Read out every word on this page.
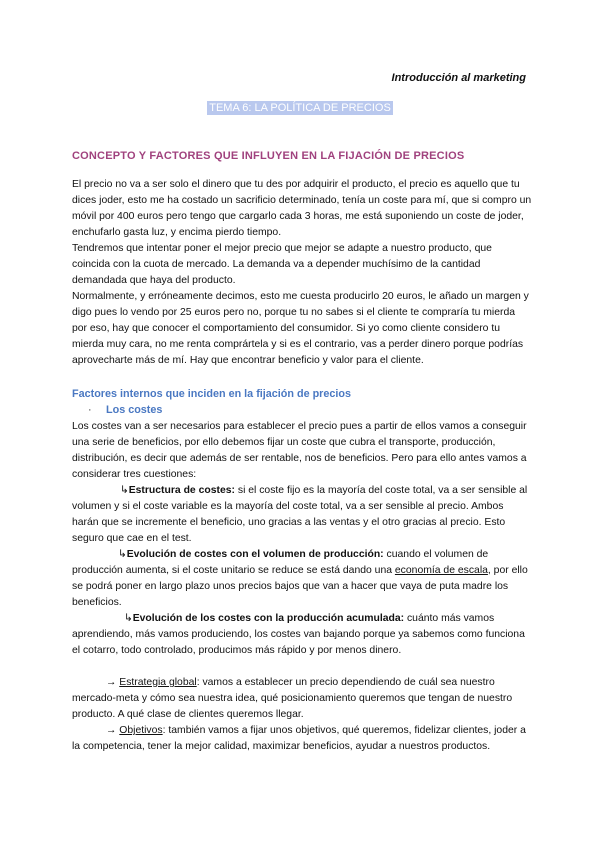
Introducción al marketing
TEMA 6: LA POLÍTICA DE PRECIOS
CONCEPTO Y FACTORES QUE INFLUYEN EN LA FIJACIÓN DE PRECIOS

El precio no va a ser solo el dinero que tu des por adquirir el producto, el precio es aquello que tu dices joder, esto me ha costado un sacrificio determinado, tenía un coste para mí, que si compro un móvil por 400 euros pero tengo que cargarlo cada 3 horas, me está suponiendo un coste de joder, enchufarlo gasta luz, y encima pierdo tiempo.

Tendremos que intentar poner el mejor precio que mejor se adapte a nuestro producto, que coincida con la cuota de mercado. La demanda va a depender muchísimo de la cantidad demandada que haya del producto.

Normalmente, y erróneamente decimos, esto me cuesta producirlo 20 euros, le añado un margen y digo pues lo vendo por 25 euros pero no, porque tu no sabes si el cliente te compraría tu mierda por eso, hay que conocer el comportamiento del consumidor. Si yo como cliente considero tu mierda muy cara, no me renta comprártela y si es el contrario, vas a perder dinero porque podrías aprovecharte más de mí. Hay que encontrar beneficio y valor para el cliente.

Factores internos que inciden en la fijación de precios
· Los costes

Los costes van a ser necesarios para establecer el precio pues a partir de ellos vamos a conseguir una serie de beneficios, por ello debemos fijar un coste que cubra el transporte, producción, distribución, es decir que además de ser rentable, nos de beneficios. Pero para ello antes vamos a considerar tres cuestiones:

↳Estructura de costes: si el coste fijo es la mayoría del coste total, va a ser sensible al volumen y si el coste variable es la mayoría del coste total, va a ser sensible al precio. Ambos harán que se incremente el beneficio, uno gracias a las ventas y el otro gracias al precio. Esto seguro que cae en el test.

↳Evolución de costes con el volumen de producción: cuando el volumen de producción aumenta, si el coste unitario se reduce se está dando una economía de escala, por ello se podrá poner en largo plazo unos precios bajos que van a hacer que vaya de puta madre los beneficios.

↳Evolución de los costes con la producción acumulada: cuánto más vamos aprendiendo, más vamos produciendo, los costes van bajando porque ya sabemos como funciona el cotarro, todo controlado, producimos más rápido y por menos dinero.

→ Estrategia global: vamos a establecer un precio dependiendo de cuál sea nuestro mercado-meta y cómo sea nuestra idea, qué posicionamiento queremos que tengan de nuestro producto. A qué clase de clientes queremos llegar.

→ Objetivos: también vamos a fijar unos objetivos, qué queremos, fidelizar clientes, joder a la competencia, tener la mejor calidad, maximizar beneficios, ayudar a nuestros productos.
